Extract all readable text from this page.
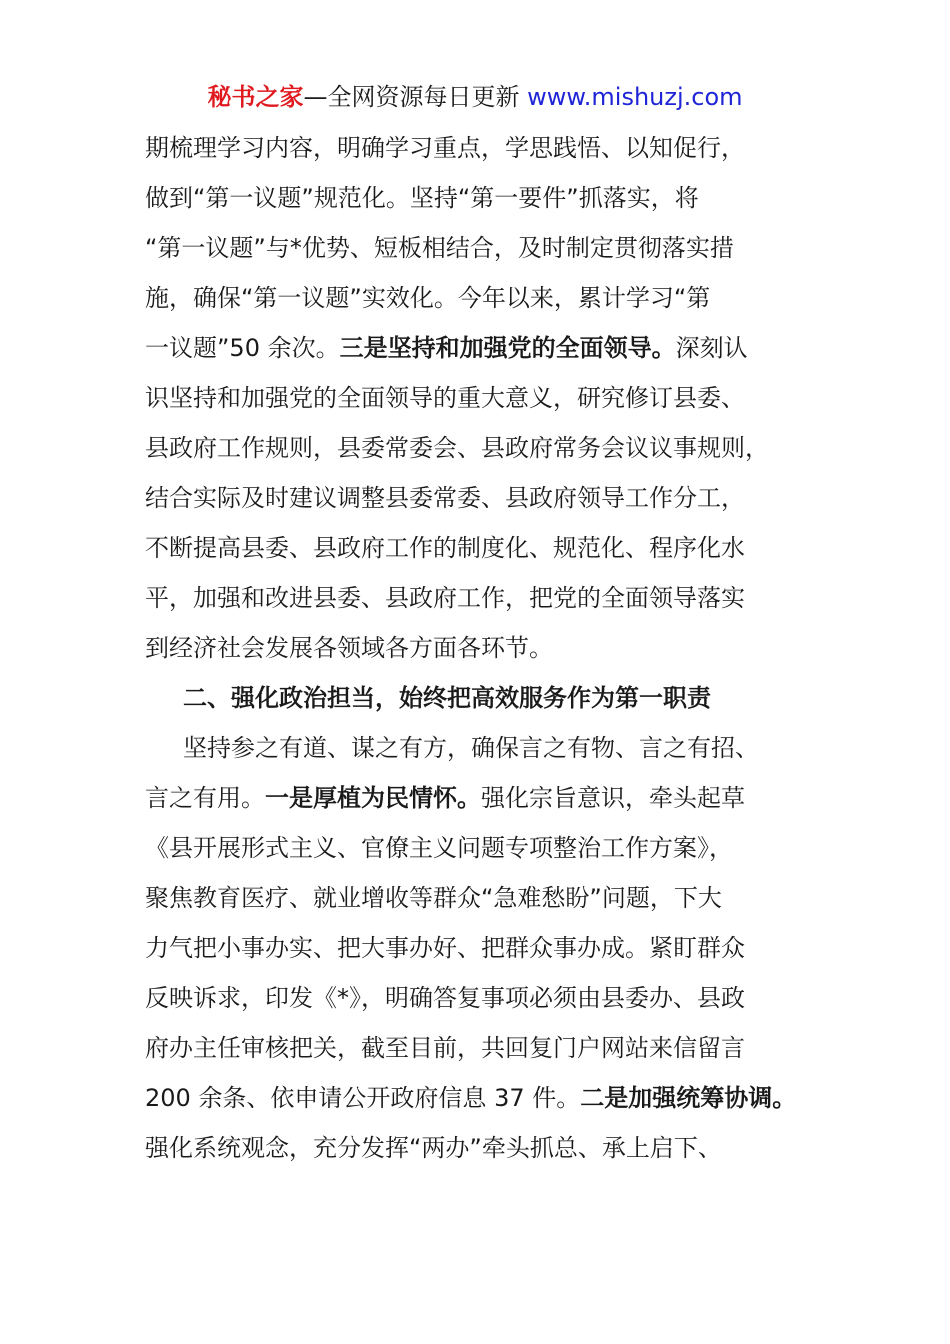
秘书之家—全网资源每日更新 www.mishuzj.com
期梳理学习内容，明确学习重点，学思践悟、以知促行，
做到“第一议题”规范化。坚持“第一要件”抓落实，将
“第一议题”与*优势、短板相结合，及时制定贯彻落实措
施，确保“第一议题”实效化。今年以来，累计学习“第
一议题”50 余次。三是坚持和加强党的全面领导。深刻认
识坚持和加强党的全面领导的重大意义，研究修订县委、
县政府工作规则，县委常委会、县政府常务会议议事规则，
结合实际及时建议调整县委常委、县政府领导工作分工，
不断提高县委、县政府工作的制度化、规范化、程序化水
平，加强和改进县委、县政府工作，把党的全面领导落实
到经济社会发展各领域各方面各环节。
二、强化政治担当，始终把高效服务作为第一职责
坚持参之有道、谋之有方，确保言之有物、言之有招、
言之有用。一是厚植为民情怀。强化宗旨意识，牵头起草
《县开展形式主义、官僚主义问题专项整治工作方案》，
聚焦教育医疗、就业增收等群众“急难愁盼”问题，下大
力气把小事办实、把大事办好、把群众事办成。紧盯群众
反映诉求，印发《*》，明确答复事项必须由县委办、县政
府办主任审核把关，截至目前，共回复门户网站来信留言
200 余条、依申请公开政府信息 37 件。二是加强统筹协调。
强化系统观念，充分发挥“两办”牵头抓总、承上启下、
